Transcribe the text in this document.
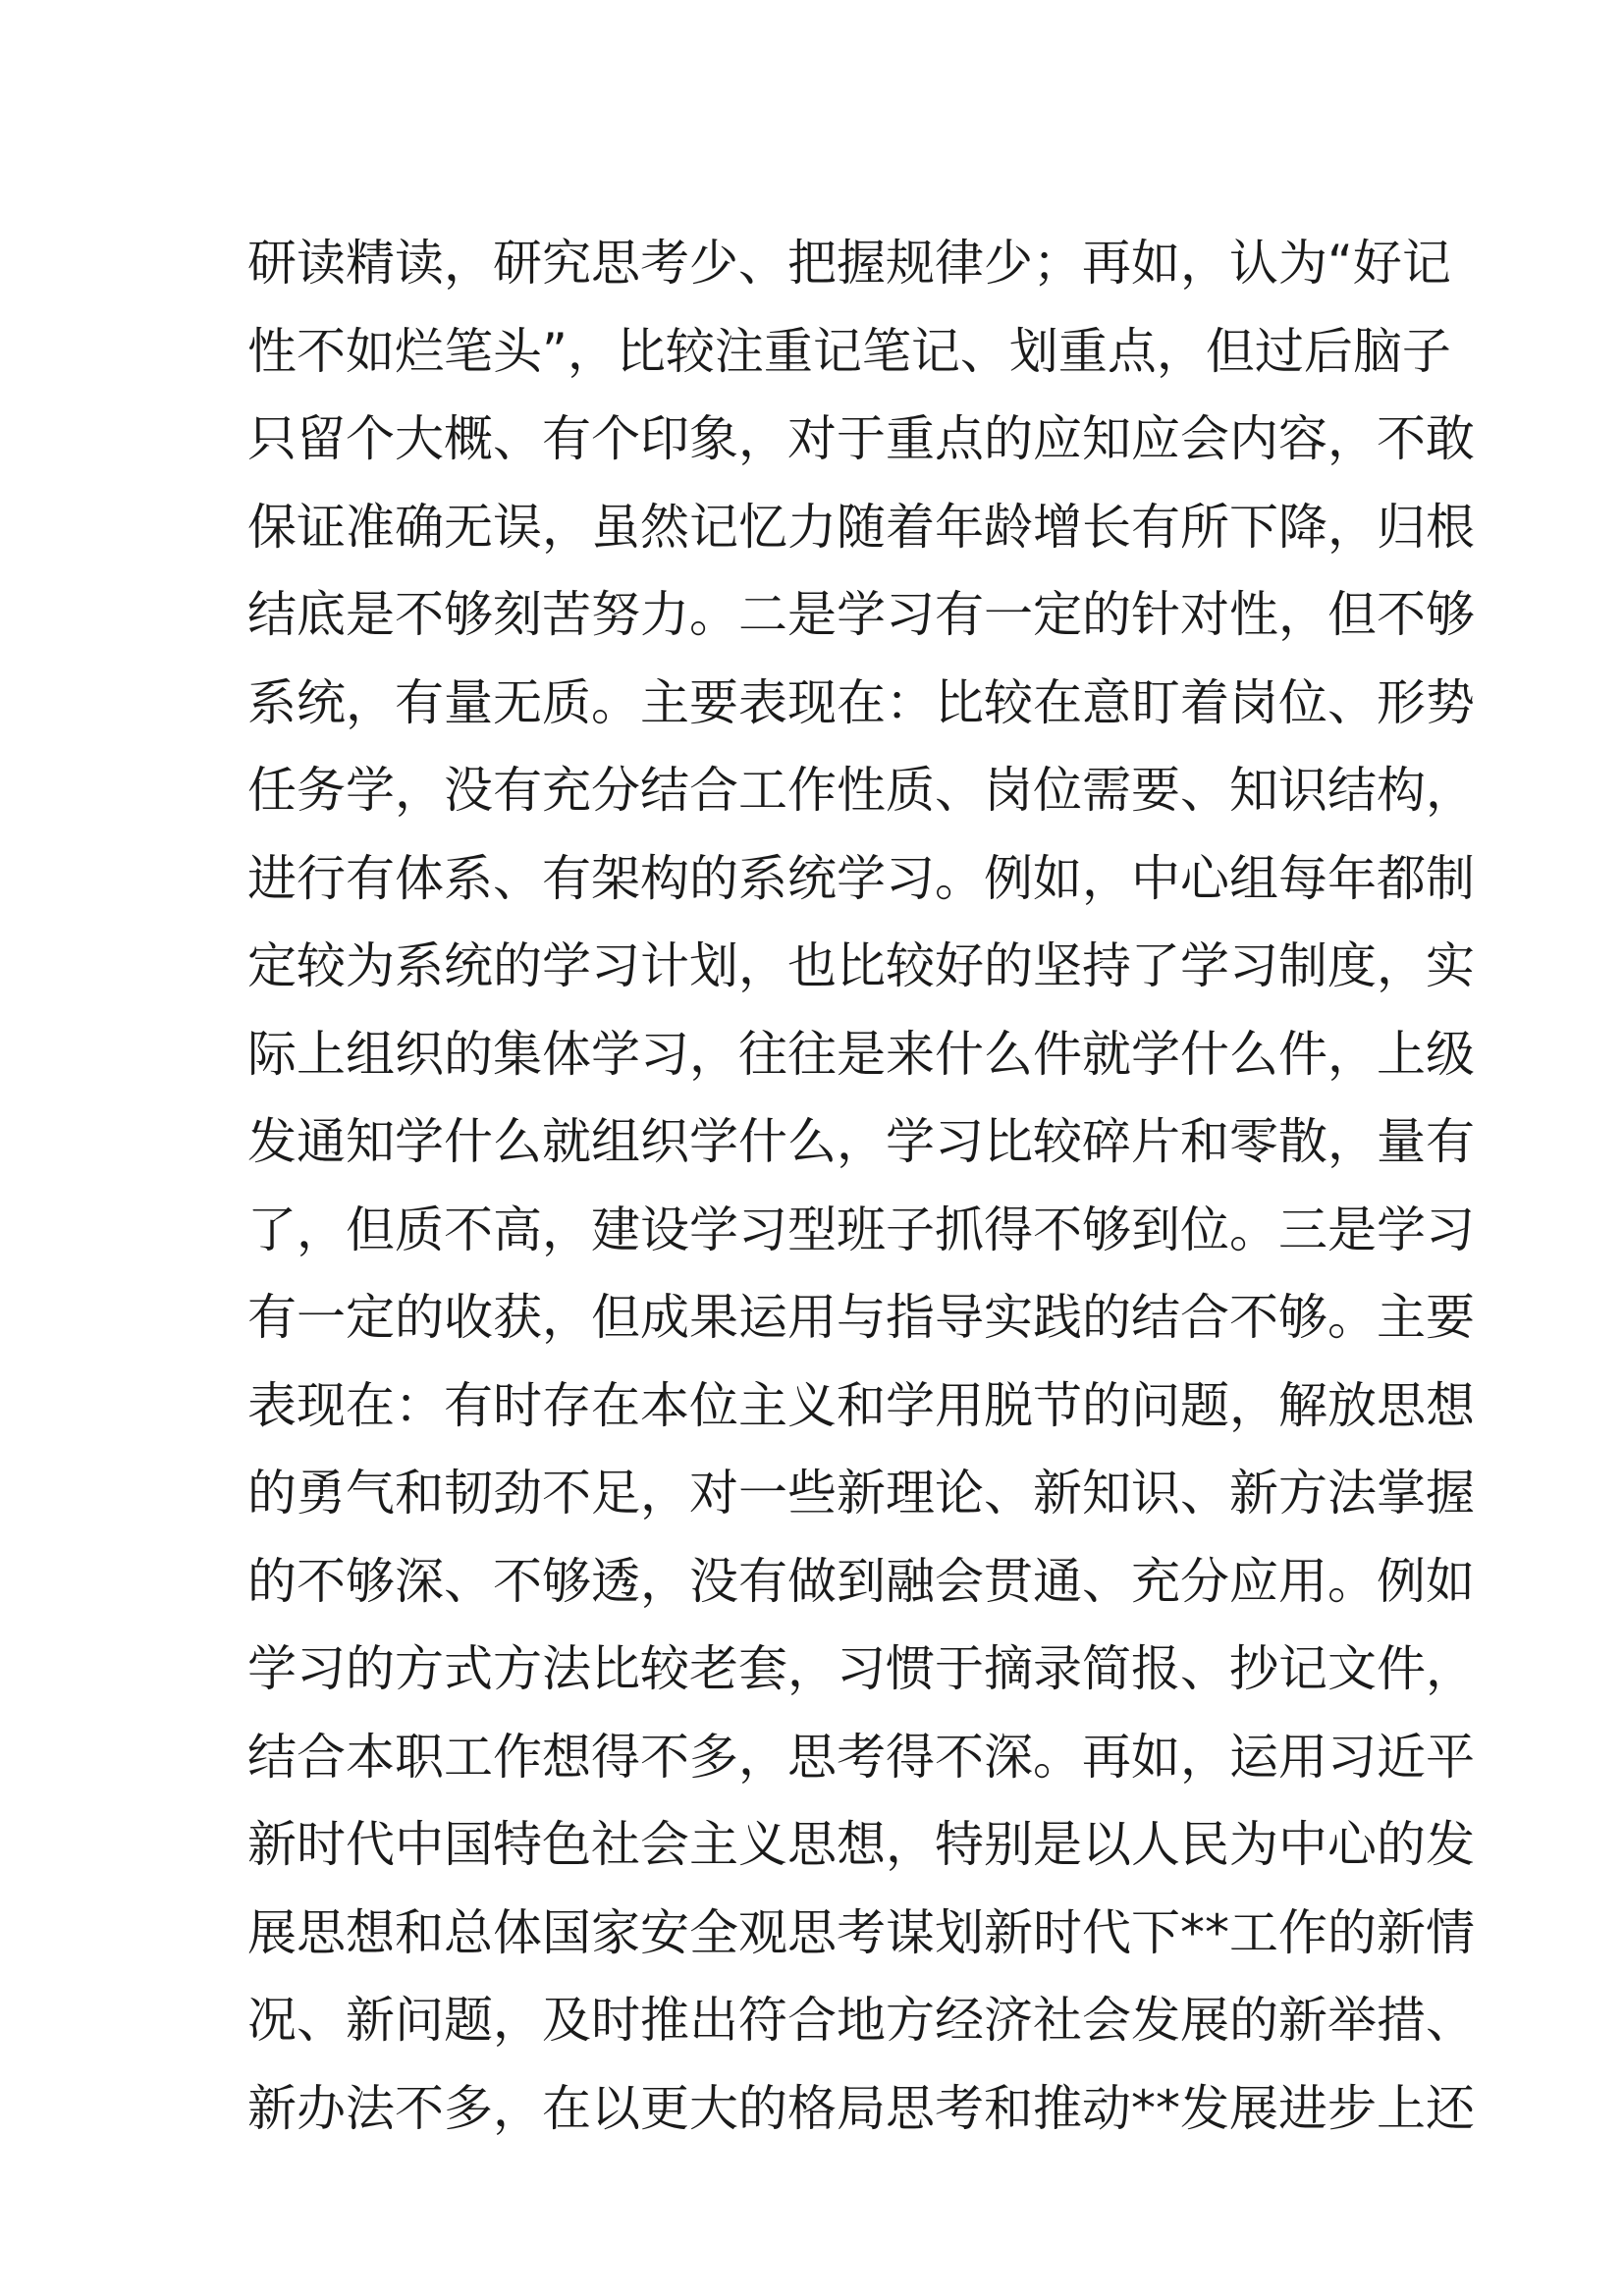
研读精读，研究思考少、把握规律少；再如，认为“好记
性不如烂笔头”，比较注重记笔记、划重点，但过后脑子
只留个大概、有个印象，对于重点的应知应会内容，不敢
保证准确无误，虽然记忆力随着年龄增长有所下降，归根
结底是不够刻苦努力。二是学习有一定的针对性，但不够
系统，有量无质。主要表现在：比较在意盯着岗位、形势
任务学，没有充分结合工作性质、岗位需要、知识结构，
进行有体系、有架构的系统学习。例如，中心组每年都制
定较为系统的学习计划，也比较好的坚持了学习制度，实
际上组织的集体学习，往往是来什么件就学什么件，上级
发通知学什么就组织学什么，学习比较碎片和零散，量有
了，但质不高，建设学习型班子抓得不够到位。三是学习
有一定的收获，但成果运用与指导实践的结合不够。主要
表现在：有时存在本位主义和学用脱节的问题，解放思想
的勇气和韧劲不足，对一些新理论、新知识、新方法掌握
的不够深、不够透，没有做到融会贯通、充分应用。例如
学习的方式方法比较老套，习惯于摘录简报、抄记文件，
结合本职工作想得不多，思考得不深。再如，运用习近平
新时代中国特色社会主义思想，特别是以人民为中心的发
展思想和总体国家安全观思考谋划新时代下**工作的新情
况、新问题，及时推出符合地方经济社会发展的新举措、
新办法不多，在以更大的格局思考和推动**发展进步上还
